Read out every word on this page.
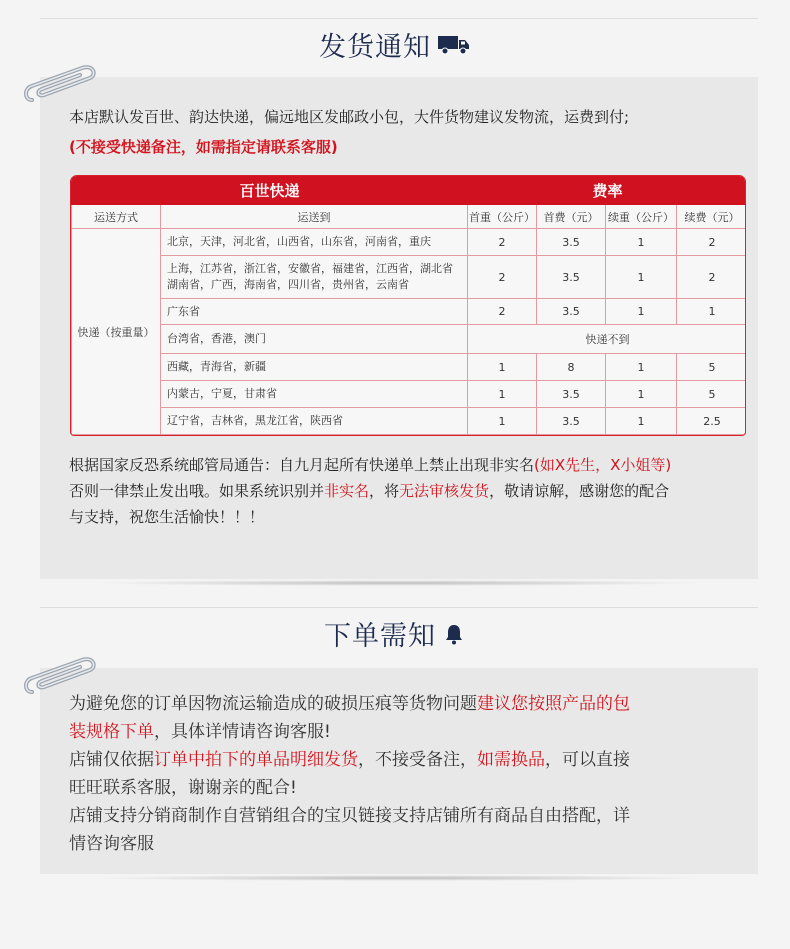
发货通知
本店默认发百世、韵达快递，偏远地区发邮政小包，大件货物建议发物流，运费到付;
(不接受快递备注，如需指定请联系客服)
百世快递		费率			
运送方式	运送到	首重（公斤）	首费（元）	续重（公斤）	续费（元）
快递（按重量）	北京，天津，河北省，山西省，山东省，河南省，重庆	2	3.5	1	2

	上海，江苏省，浙江省，安徽省，福建省，江西省，湖北省
湖南省，广西，海南省，四川省，贵州省，云南省	2	3.5	1	2
	广东省	2	3.5	1	1
	台湾省，香港，澳门	快递不到			
	西藏，青海省，新疆	1	8	1	5
	内蒙古，宁夏，甘肃省	1	3.5	1	5
	辽宁省，吉林省，黑龙江省，陕西省	1	3.5	1	2.5
根据国家反恐系统邮管局通告：自九月起所有快递单上禁止出现非实名(如X先生，X小姐等)
否则一律禁止发出哦。如果系统识别并非实名，将无法审核发货，敬请谅解，感谢您的配合
与支持，祝您生活愉快！！！
下单需知
为避免您的订单因物流运输造成的破损压痕等货物问题建议您按照产品的包
装规格下单，具体详情请咨询客服!
店铺仅依据订单中拍下的单品明细发货，不接受备注，如需换品，可以直接
旺旺联系客服，谢谢亲的配合!
店铺支持分销商制作自营销组合的宝贝链接支持店铺所有商品自由搭配，详
情咨询客服
